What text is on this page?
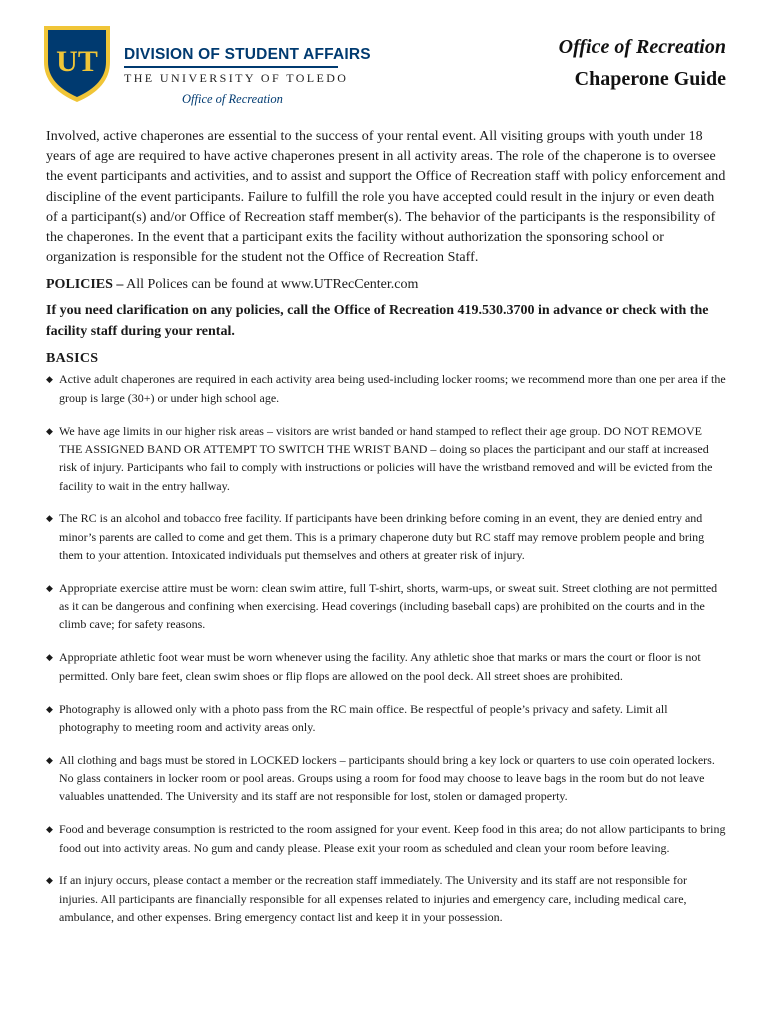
UT DIVISION OF STUDENT AFFAIRS
THE UNIVERSITY OF TOLEDO
Office of Recreation
Office of Recreation
Chaperone Guide

Involved, active chaperones are essential to the success of your rental event. All visiting groups with youth under 18 years of age are required to have active chaperones present in all activity areas. The role of the chaperone is to oversee the event participants and activities, and to assist and support the Office of Recreation staff with policy enforcement and discipline of the event participants. Failure to fulfill the role you have accepted could result in the injury or even death of a participant(s) and/or Office of Recreation staff member(s). The behavior of the participants is the responsibility of the chaperones. In the event that a participant exits the facility without authorization the sponsoring school or organization is responsible for the student not the Office of Recreation Staff.

POLICIES – All Polices can be found at www.UTRecCenter.com

If you need clarification on any policies, call the Office of Recreation 419.530.3700 in advance or check with the facility staff during your rental.

BASICS

◆ Active adult chaperones are required in each activity area being used-including locker rooms; we recommend more than one per area if the group is large (30+) or under high school age.
◆ We have age limits in our higher risk areas – visitors are wrist banded or hand stamped to reflect their age group. DO NOT REMOVE THE ASSIGNED BAND OR ATTEMPT TO SWITCH THE WRIST BAND – doing so places the participant and our staff at increased risk of injury. Participants who fail to comply with instructions or policies will have the wristband removed and will be evicted from the facility to wait in the entry hallway.
◆ The RC is an alcohol and tobacco free facility. If participants have been drinking before coming in an event, they are denied entry and minor’s parents are called to come and get them. This is a primary chaperone duty but RC staff may remove problem people and bring them to your attention. Intoxicated individuals put themselves and others at greater risk of injury.
◆ Appropriate exercise attire must be worn: clean swim attire, full T-shirt, shorts, warm-ups, or sweat suit. Street clothing are not permitted as it can be dangerous and confining when exercising. Head coverings (including baseball caps) are prohibited on the courts and in the climb cave; for safety reasons.
◆ Appropriate athletic foot wear must be worn whenever using the facility. Any athletic shoe that marks or mars the court or floor is not permitted. Only bare feet, clean swim shoes or flip flops are allowed on the pool deck. All street shoes are prohibited.
◆ Photography is allowed only with a photo pass from the RC main office. Be respectful of people’s privacy and safety. Limit all photography to meeting room and activity areas only.
◆ All clothing and bags must be stored in LOCKED lockers – participants should bring a key lock or quarters to use coin operated lockers. No glass containers in locker room or pool areas. Groups using a room for food may choose to leave bags in the room but do not leave valuables unattended. The University and its staff are not responsible for lost, stolen or damaged property.
◆ Food and beverage consumption is restricted to the room assigned for your event. Keep food in this area; do not allow participants to bring food out into activity areas. No gum and candy please. Please exit your room as scheduled and clean your room before leaving.
◆ If an injury occurs, please contact a member or the recreation staff immediately. The University and its staff are not responsible for injuries. All participants are financially responsible for all expenses related to injuries and emergency care, including medical care, ambulance, and other expenses. Bring emergency contact list and keep it in your possession.
